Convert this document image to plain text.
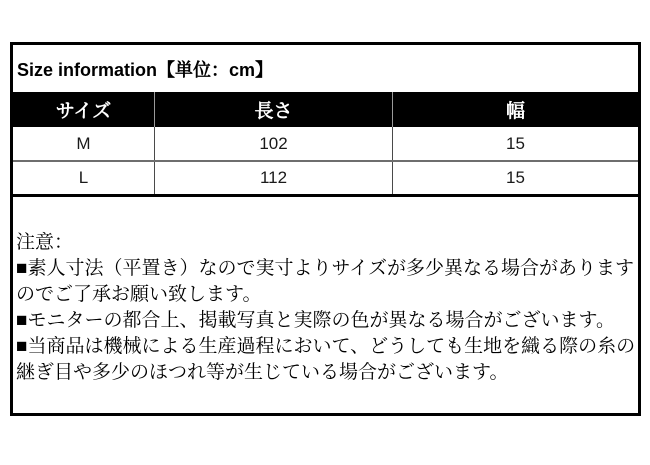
Size information【単位：cm】
サイズ	長さ	幅
M	102	15
L	112	15
注意：
■素人寸法（平置き）なので実寸よりサイズが多少異なる場合があります
のでご了承お願い致します。
■モニターの都合上、掲載写真と実際の色が異なる場合がございます。
■当商品は機械による生産過程において、どうしても生地を織る際の糸の
継ぎ目や多少のほつれ等が生じている場合がございます。
